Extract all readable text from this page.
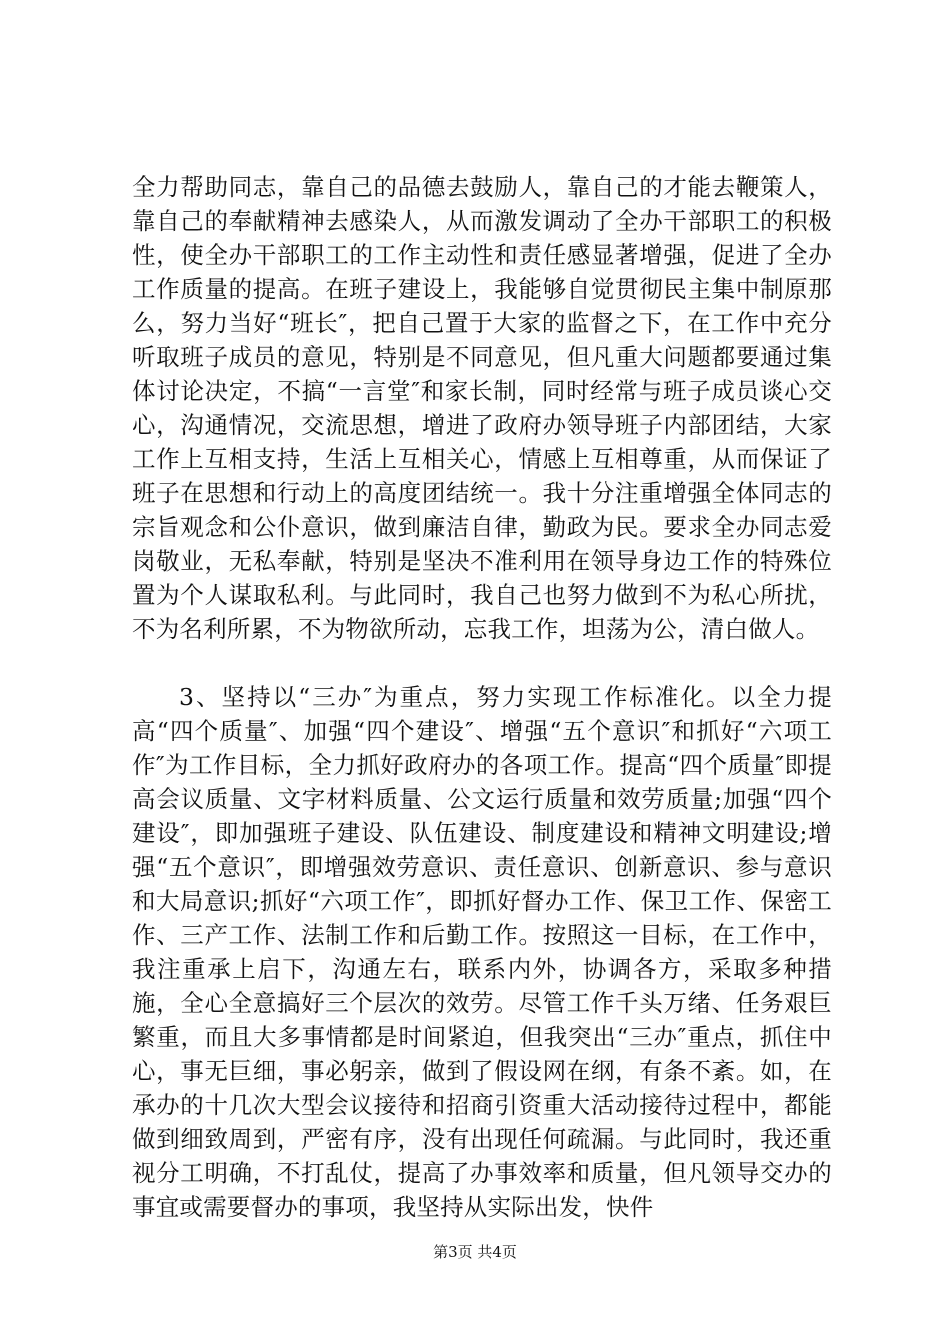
全力帮助同志，靠自己的品德去鼓励人，靠自己的才能去鞭策人，靠自己的奉献精神去感染人，从而激发调动了全办干部职工的积极性，使全办干部职工的工作主动性和责任感显著增强，促进了全办工作质量的提高。在班子建设上，我能够自觉贯彻民主集中制原那么，努力当好“班长″，把自己置于大家的监督之下，在工作中充分听取班子成员的意见，特别是不同意见，但凡重大问题都要通过集体讨论决定，不搞“一言堂″和家长制，同时经常与班子成员谈心交心，沟通情况，交流思想，增进了政府办领导班子内部团结，大家工作上互相支持，生活上互相关心，情感上互相尊重，从而保证了班子在思想和行动上的高度团结统一。我十分注重增强全体同志的宗旨观念和公仆意识，做到廉洁自律，勤政为民。要求全办同志爱岗敬业，无私奉献，特别是坚决不准利用在领导身边工作的特殊位置为个人谋取私利。与此同时，我自己也努力做到不为私心所扰，不为名利所累，不为物欲所动，忘我工作，坦荡为公，清白做人。

3、坚持以“三办″为重点，努力实现工作标准化。以全力提高“四个质量″、加强“四个建设″、增强“五个意识″和抓好“六项工作″为工作目标，全力抓好政府办的各项工作。提高“四个质量″即提高会议质量、文字材料质量、公文运行质量和效劳质量;加强“四个建设″，即加强班子建设、队伍建设、制度建设和精神文明建设;增强“五个意识″，即增强效劳意识、责任意识、创新意识、参与意识和大局意识;抓好“六项工作″，即抓好督办工作、保卫工作、保密工作、三产工作、法制工作和后勤工作。按照这一目标，在工作中，我注重承上启下，沟通左右，联系内外，协调各方，采取多种措施，全心全意搞好三个层次的效劳。尽管工作千头万绪、任务艰巨繁重，而且大多事情都是时间紧迫，但我突出“三办″重点，抓住中心，事无巨细，事必躬亲，做到了假设网在纲，有条不紊。如，在承办的十几次大型会议接待和招商引资重大活动接待过程中，都能做到细致周到，严密有序，没有出现任何疏漏。与此同时，我还重视分工明确，不打乱仗，提高了办事效率和质量，但凡领导交办的事宜或需要督办的事项，我坚持从实际出发，快件

第3页 共4页
